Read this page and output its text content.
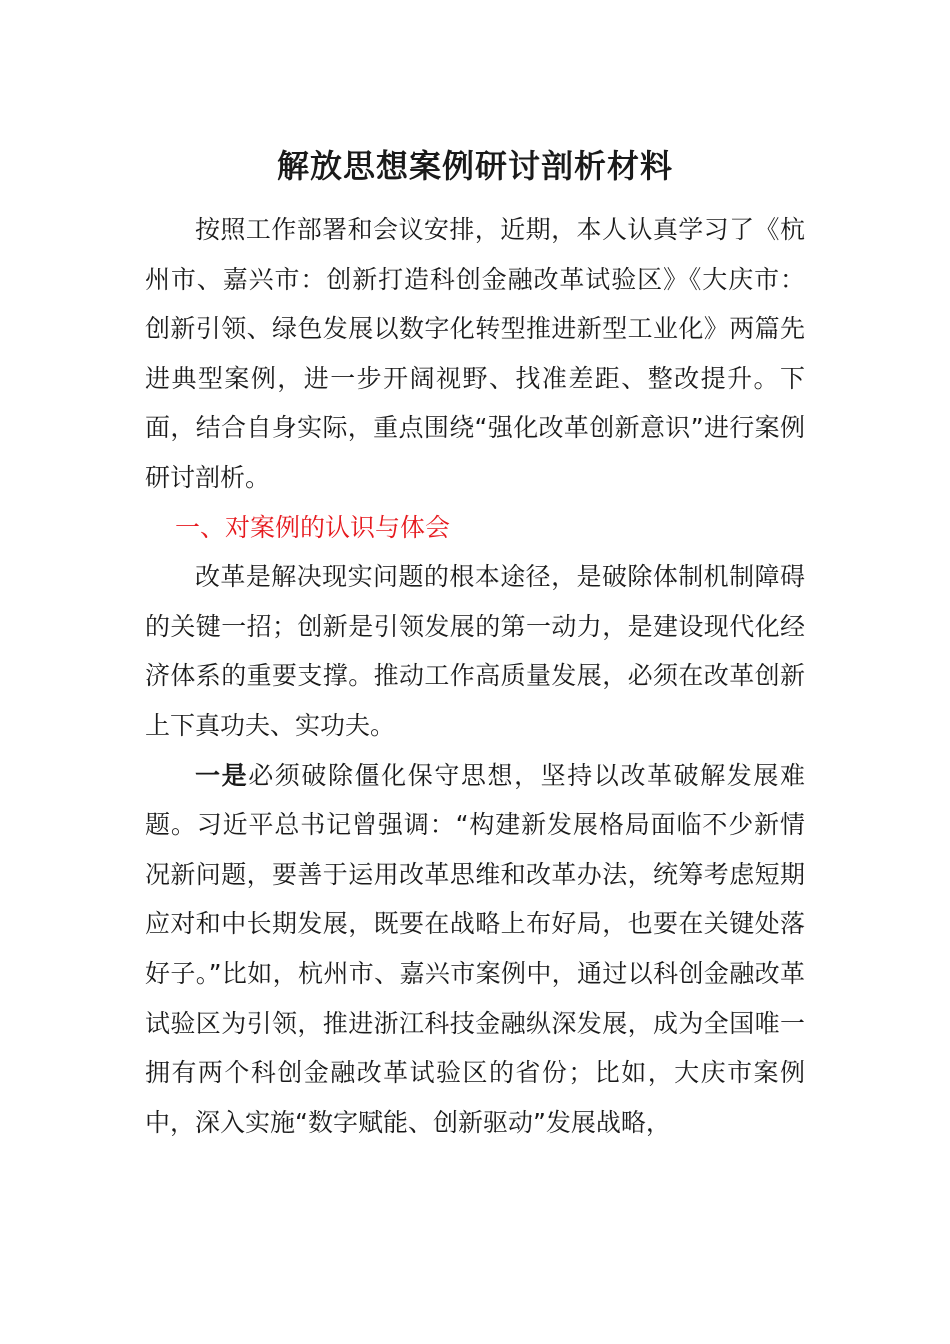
解放思想案例研讨剖析材料

按照工作部署和会议安排，近期，本人认真学习了《杭州市、嘉兴市：创新打造科创金融改革试验区》《大庆市：创新引领、绿色发展以数字化转型推进新型工业化》两篇先进典型案例，进一步开阔视野、找准差距、整改提升。下面，结合自身实际，重点围绕“强化改革创新意识”进行案例研讨剖析。

一、对案例的认识与体会

改革是解决现实问题的根本途径，是破除体制机制障碍的关键一招；创新是引领发展的第一动力，是建设现代化经济体系的重要支撑。推动工作高质量发展，必须在改革创新上下真功夫、实功夫。

一是必须破除僵化保守思想，坚持以改革破解发展难题。习近平总书记曾强调：“构建新发展格局面临不少新情况新问题，要善于运用改革思维和改革办法，统筹考虑短期应对和中长期发展，既要在战略上布好局，也要在关键处落好子。”比如，杭州市、嘉兴市案例中，通过以科创金融改革试验区为引领，推进浙江科技金融纵深发展，成为全国唯一拥有两个科创金融改革试验区的省份；比如，大庆市案例中，深入实施“数字赋能、创新驱动”发展战略，
